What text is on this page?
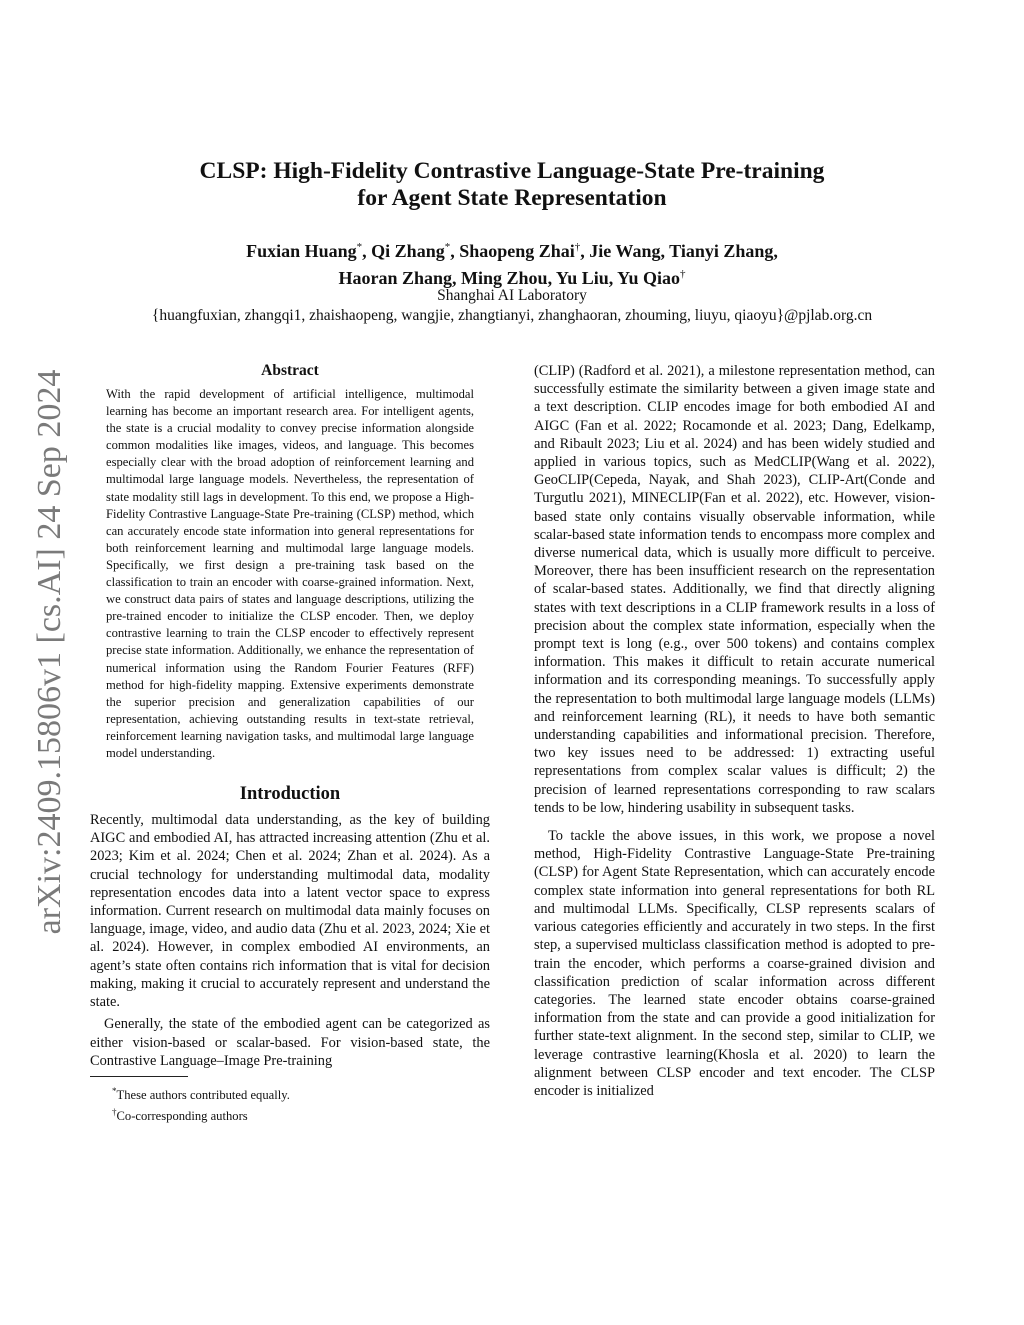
CLSP: High-Fidelity Contrastive Language-State Pre-training
for Agent State Representation
Fuxian Huang*, Qi Zhang*, Shaopeng Zhai†, Jie Wang, Tianyi Zhang,
Haoran Zhang, Ming Zhou, Yu Liu, Yu Qiao†
Shanghai AI Laboratory
{huangfuxian, zhangqi1, zhaishaopeng, wangjie, zhangtianyi, zhanghaoran, zhouming, liuyu, qiaoyu}@pjlab.org.cn
arXiv:2409.15806v1 [cs.AI] 24 Sep 2024	Abstract

With the rapid development of artificial intelligence, multimodal learning has become an important research area. For intelligent agents, the state is a crucial modality to convey precise information alongside common modalities like images, videos, and language. This becomes especially clear with the broad adoption of reinforcement learning and multimodal large language models. Nevertheless, the representation of state modality still lags in development. To this end, we propose a High-Fidelity Contrastive Language-State Pre-training (CLSP) method, which can accurately encode state information into general representations for both reinforcement learning and multimodal large language models. Specifically, we first design a pre-training task based on the classification to train an encoder with coarse-grained information. Next, we construct data pairs of states and language descriptions, utilizing the pre-trained encoder to initialize the CLSP encoder. Then, we deploy contrastive learning to train the CLSP encoder to effectively represent precise state information. Additionally, we enhance the representation of numerical information using the Random Fourier Features (RFF) method for high-fidelity mapping. Extensive experiments demonstrate the superior precision and generalization capabilities of our representation, achieving outstanding results in text-state retrieval, reinforcement learning navigation tasks, and multimodal large language model understanding.

Introduction

Recently, multimodal data understanding, as the key of building AIGC and embodied AI, has attracted increasing attention (Zhu et al. 2023; Kim et al. 2024; Chen et al. 2024; Zhan et al. 2024). As a crucial technology for understanding multimodal data, modality representation encodes data into a latent vector space to express information. Current research on multimodal data mainly focuses on language, image, video, and audio data (Zhu et al. 2023, 2024; Xie et al. 2024). However, in complex embodied AI environments, an agent’s state often contains rich information that is vital for decision making, making it crucial to accurately represent and understand the state.

Generally, the state of the embodied agent can be categorized as either vision-based or scalar-based. For vision-based state, the Contrastive Language–Image Pre-training

*These authors contributed equally.

†Co-corresponding authors

(CLIP) (Radford et al. 2021), a milestone representation method, can successfully estimate the similarity between a given image state and a text description. CLIP encodes image for both embodied AI and AIGC (Fan et al. 2022; Rocamonde et al. 2023; Dang, Edelkamp, and Ribault 2023; Liu et al. 2024) and has been widely studied and applied in various topics, such as MedCLIP(Wang et al. 2022), GeoCLIP(Cepeda, Nayak, and Shah 2023), CLIP-Art(Conde and Turgutlu 2021), MINECLIP(Fan et al. 2022), etc. However, vision-based state only contains visually observable information, while scalar-based state information tends to encompass more complex and diverse numerical data, which is usually more difficult to perceive. Moreover, there has been insufficient research on the representation of scalar-based states. Additionally, we find that directly aligning states with text descriptions in a CLIP framework results in a loss of precision about the complex state information, especially when the prompt text is long (e.g., over 500 tokens) and contains complex information. This makes it difficult to retain accurate numerical information and its corresponding meanings. To successfully apply the representation to both multimodal large language models (LLMs) and reinforcement learning (RL), it needs to have both semantic understanding capabilities and informational precision. Therefore, two key issues need to be addressed: 1) extracting useful representations from complex scalar values is difficult; 2) the precision of learned representations corresponding to raw scalars tends to be low, hindering usability in subsequent tasks.

To tackle the above issues, in this work, we propose a novel method, High-Fidelity Contrastive Language-State Pre-training (CLSP) for Agent State Representation, which can accurately encode complex state information into general representations for both RL and multimodal LLMs. Specifically, CLSP represents scalars of various categories efficiently and accurately in two steps. In the first step, a supervised multiclass classification method is adopted to pre-train the encoder, which performs a coarse-grained division and classification prediction of scalar information across different categories. The learned state encoder obtains coarse-grained information from the state and can provide a good initialization for further state-text alignment. In the second step, similar to CLIP, we leverage contrastive learning(Khosla et al. 2020) to learn the alignment between CLSP encoder and text encoder. The CLSP encoder is initialized
